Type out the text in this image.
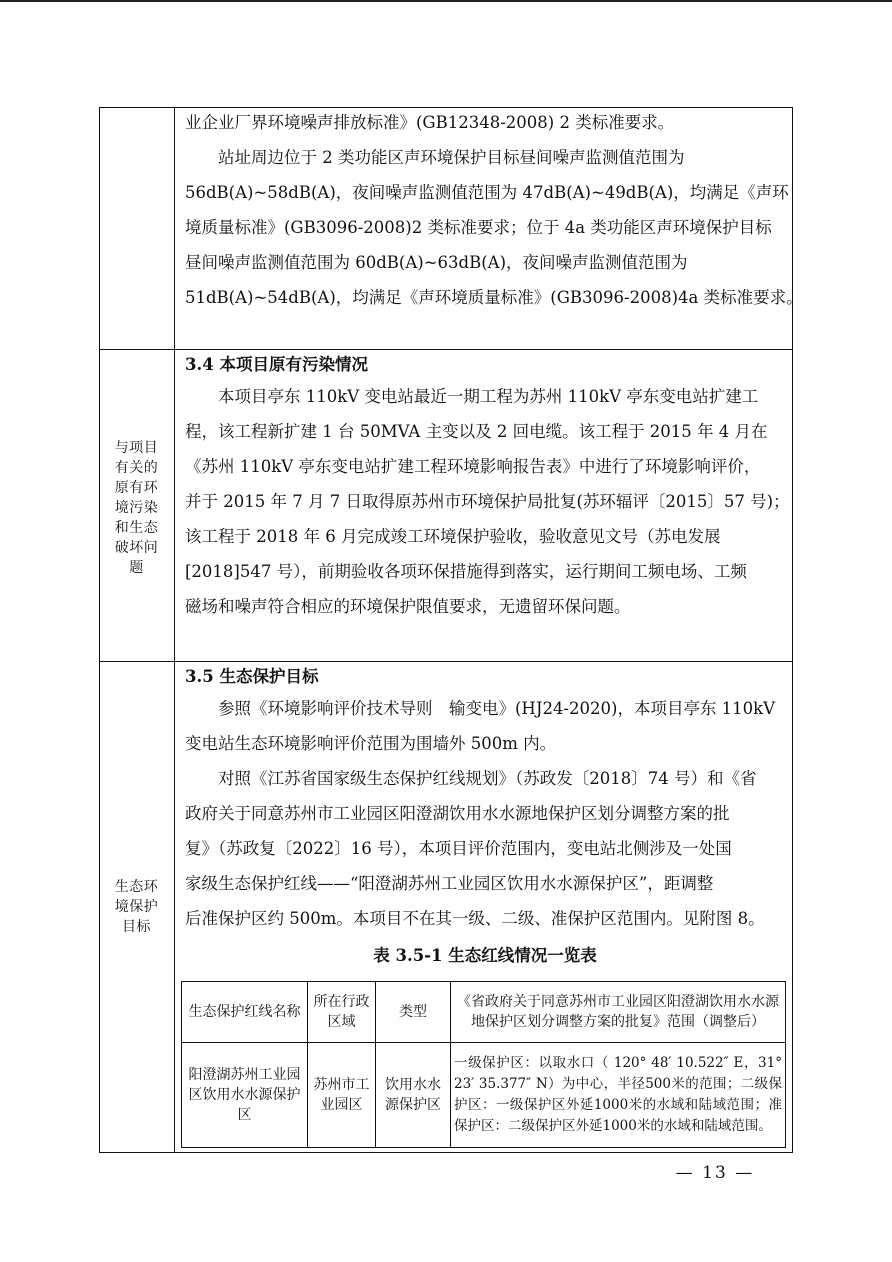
业企业厂界环境噪声排放标准》(GB12348-2008) 2 类标准要求。

站址周边位于 2 类功能区声环境保护目标昼间噪声监测值范围为

56dB(A)~58dB(A)，夜间噪声监测值范围为 47dB(A)~49dB(A)，均满足《声环

境质量标准》(GB3096-2008)2 类标准要求；位于 4a 类功能区声环境保护目标

昼间噪声监测值范围为 60dB(A)~63dB(A)，夜间噪声监测值范围为

51dB(A)~54dB(A)，均满足《声环境质量标准》(GB3096-2008)4a 类标准要求。

与项目
有关的
原有环
境污染
和生态
破坏问
题

3.4 本项目原有污染情况

本项目亭东 110kV 变电站最近一期工程为苏州 110kV 亭东变电站扩建工

程，该工程新扩建 1 台 50MVA 主变以及 2 回电缆。该工程于 2015 年 4 月在

《苏州 110kV 亭东变电站扩建工程环境影响报告表》中进行了环境影响评价，

并于 2015 年 7 月 7 日取得原苏州市环境保护局批复(苏环辐评〔2015〕57 号)；

该工程于 2018 年 6 月完成竣工环境保护验收，验收意见文号（苏电发展

[2018]547 号），前期验收各项环保措施得到落实，运行期间工频电场、工频

磁场和噪声符合相应的环境保护限值要求，无遗留环保问题。

生态环
境保护
目标

3.5 生态保护目标

参照《环境影响评价技术导则　输变电》(HJ24-2020)，本项目亭东 110kV

变电站生态环境影响评价范围为围墙外 500m 内。

对照《江苏省国家级生态保护红线规划》（苏政发〔2018〕74 号）和《省

政府关于同意苏州市工业园区阳澄湖饮用水水源地保护区划分调整方案的批

复》（苏政复〔2022〕16 号），本项目评价范围内，变电站北侧涉及一处国

家级生态保护红线——“阳澄湖苏州工业园区饮用水水源保护区”，距调整

后准保护区约 500m。本项目不在其一级、二级、准保护区范围内。见附图 8。

表 3.5-1 生态红线情况一览表
生态保护红线名称	所在行政区域	类型	《省政府关于同意苏州市工业园区阳澄湖饮用水水源地保护区划分调整方案的批复》范围（调整后）
阳澄湖苏州工业园区饮用水水源保护区	苏州市工业园区	饮用水水源保护区	一级保护区：以取水口（ 120° 48′ 10.522″ E，31° 23′ 35.377″ N）为中心，半径500米的范围；二级保护区：一级保护区外延1000米的水域和陆域范围；准保护区：二级保护区外延1000米的水域和陆域范围。
— 13 —
